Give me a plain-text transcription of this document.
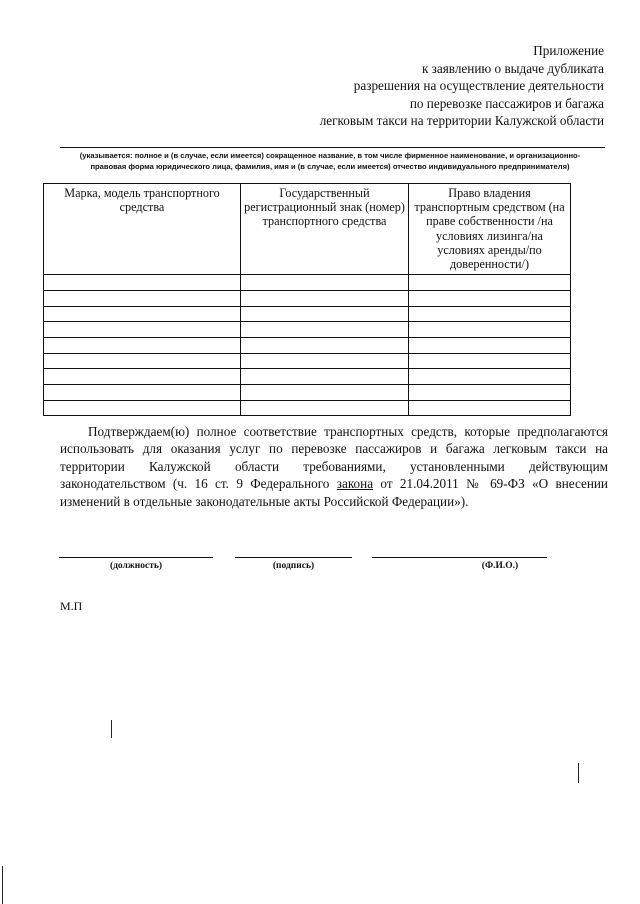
Приложение
к заявлению о выдаче дубликата
разрешения на осуществление деятельности
по перевозке пассажиров и багажа
легковым такси на территории Калужской области
(указывается: полное и (в случае, если имеется) сокращенное название, в том числе фирменное наименование, и организационно-
правовая форма юридического лица, фамилия, имя и (в случае, если имеется) отчество индивидуального предпринимателя)
Марка, модель транспортного средства	Государственный регистрационный знак (номер) транспортного средства	Право владения транспортным средством (на праве собственности /на условиях лизинга/на условиях аренды/по доверенности/)

Подтверждаем(ю) полное соответствие транспортных средств, которые предполагаются использовать для оказания услуг по перевозке пассажиров и багажа легковым такси на территории Калужской области требованиями, установленными действующим законодательством (ч. 16 ст. 9 Федерального закона от 21.04.2011 № 69-ФЗ «О внесении изменений в отдельные законодательные акты Российской Федерации»).
(должность)	(подпись)	(Ф.И.О.)
М.П
